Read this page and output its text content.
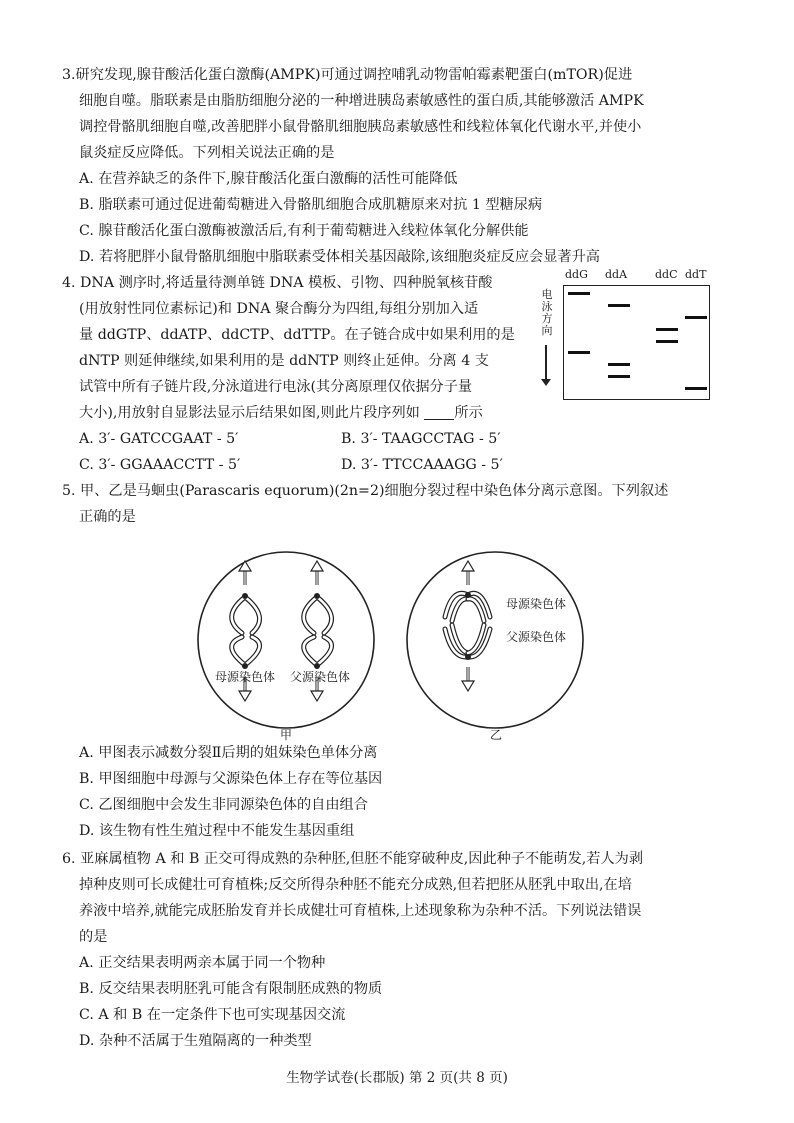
3.研究发现,腺苷酸活化蛋白激酶(AMPK)可通过调控哺乳动物雷帕霉素靶蛋白(mTOR)促进
细胞自噬。脂联素是由脂肪细胞分泌的一种增进胰岛素敏感性的蛋白质,其能够激活 AMPK
调控骨骼肌细胞自噬,改善肥胖小鼠骨骼肌细胞胰岛素敏感性和线粒体氧化代谢水平,并使小
鼠炎症反应降低。下列相关说法正确的是
A. 在营养缺乏的条件下,腺苷酸活化蛋白激酶的活性可能降低
B. 脂联素可通过促进葡萄糖进入骨骼肌细胞合成肌糖原来对抗 1 型糖尿病
C. 腺苷酸活化蛋白激酶被激活后,有利于葡萄糖进入线粒体氧化分解供能
D. 若将肥胖小鼠骨骼肌细胞中脂联素受体相关基因敲除,该细胞炎症反应会显著升高
4. DNA 测序时,将适量待测单链 DNA 模板、引物、四种脱氧核苷酸
(用放射性同位素标记)和 DNA 聚合酶分为四组,每组分别加入适
量 ddGTP、ddATP、ddCTP、ddTTP。在子链合成中如果利用的是
dNTP 则延伸继续,如果利用的是 ddNTP 则终止延伸。分离 4 支
试管中所有子链片段,分泳道进行电泳(其分离原理仅依据分子量
大小),用放射自显影法显示后结果如图,则此片段序列如 所示
A. 3′- GATCCGAAT - 5′	B. 3′- TAAGCCTAG - 5′
C. 3′- GGAAACCTT - 5′	D. 3′- TTCCAAAGG - 5′
ddG ddA	ddC ddT
电
泳
方
向
5. 甲、乙是马蛔虫(Parascaris equorum)(2n=2)细胞分裂过程中染色体分离示意图。下列叙述
正确的是
母源染色体 父源染色体
母源染色体
父源染色体
甲	乙
A. 甲图表示减数分裂Ⅱ后期的姐妹染色单体分离
B. 甲图细胞中母源与父源染色体上存在等位基因
C. 乙图细胞中会发生非同源染色体的自由组合
D. 该生物有性生殖过程中不能发生基因重组
6. 亚麻属植物 A 和 B 正交可得成熟的杂种胚,但胚不能穿破种皮,因此种子不能萌发,若人为剥
掉种皮则可长成健壮可育植株;反交所得杂种胚不能充分成熟,但若把胚从胚乳中取出,在培
养液中培养,就能完成胚胎发育并长成健壮可育植株,上述现象称为杂种不活。下列说法错误
的是
A. 正交结果表明两亲本属于同一个物种
B. 反交结果表明胚乳可能含有限制胚成熟的物质
C. A 和 B 在一定条件下也可实现基因交流
D. 杂种不活属于生殖隔离的一种类型
生物学试卷(长郡版) 第 2 页(共 8 页)
